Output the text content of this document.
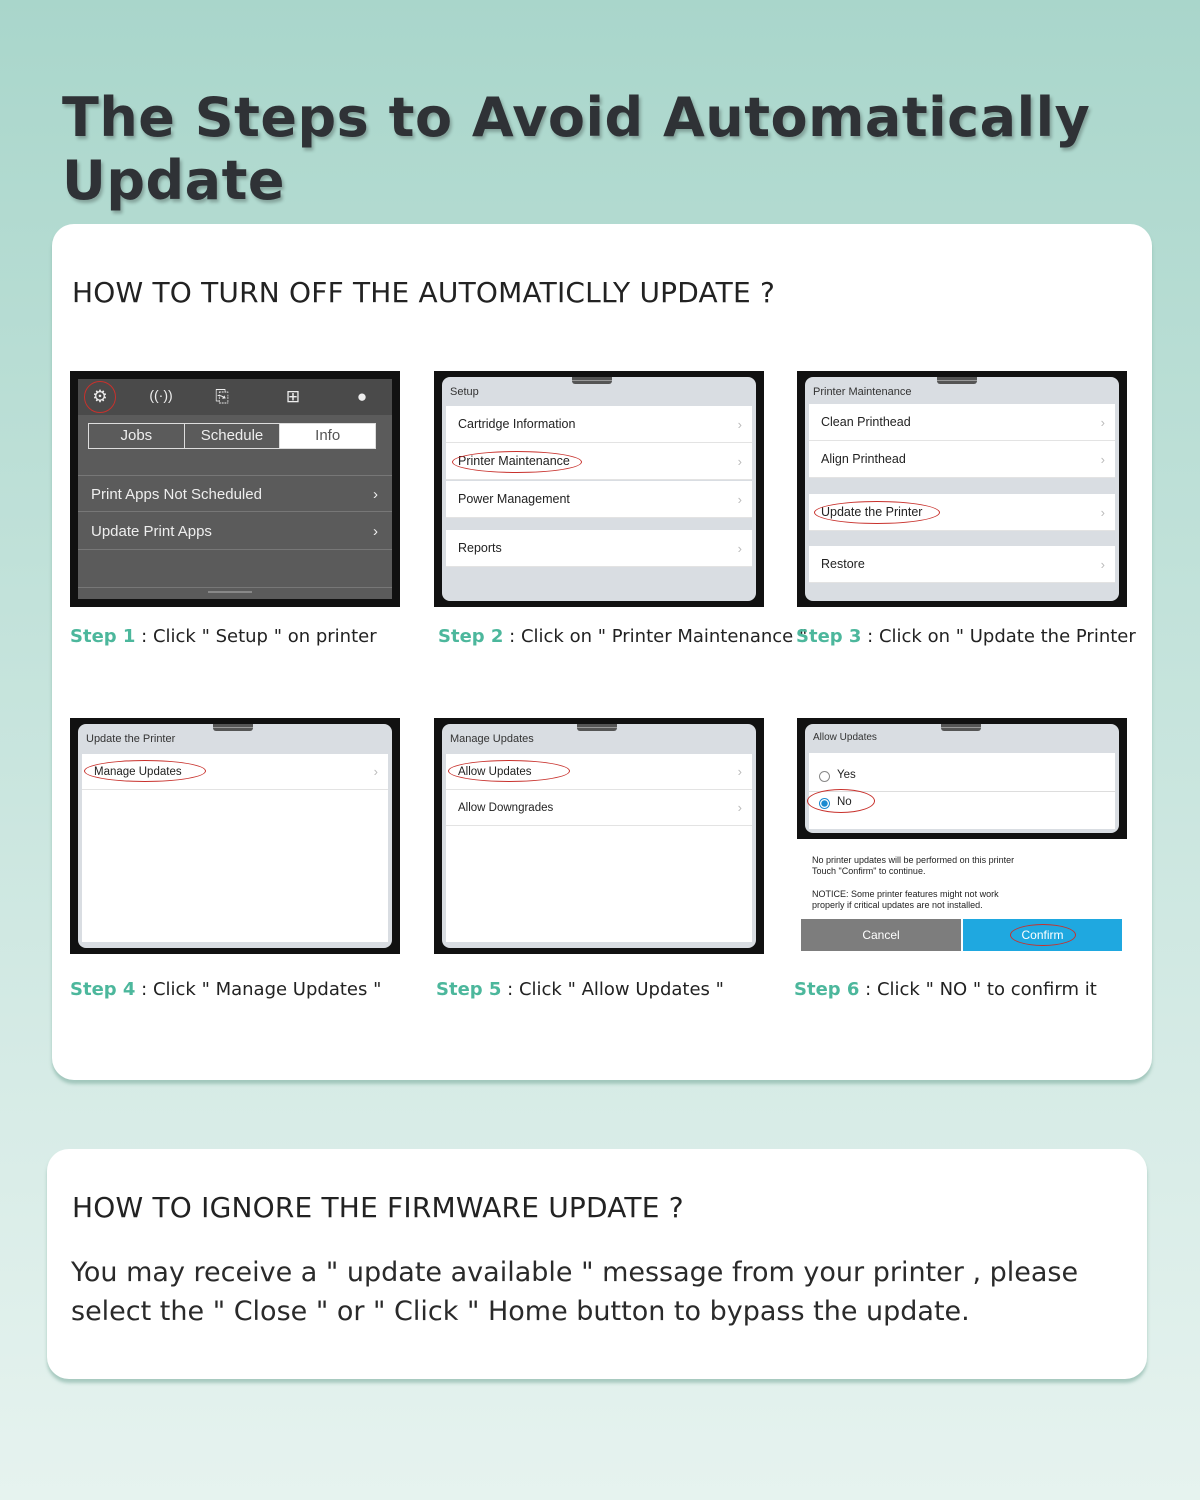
The Steps to Avoid Automatically Update
HOW TO TURN OFF THE AUTOMATICLLY UPDATE ?
⚙	((·))	⎘	⊞	●
Jobs	Schedule	Info
Print Apps Not Scheduled	›
Update Print Apps	›
Step 1 : Click " Setup " on printer
Setup
Cartridge Information	›
Printer Maintenance	›
Power Management	›
Reports	›
Step 2 : Click on " Printer Maintenance "
Printer Maintenance
Clean Printhead	›
Align Printhead	›
Update the Printer	›
Restore	›
Step 3 : Click on " Update the Printer
Update the Printer
Manage Updates	›
Step 4 : Click " Manage Updates "
Manage Updates
Allow Updates	›
Allow Downgrades	›
Step 5 : Click " Allow Updates "
Allow Updates
Yes
No
No printer updates will be performed on this printer
Touch "Confirm" to continue.
NOTICE: Some printer features might not work
properly if critical updates are not installed.
Cancel	Confirm
Step 6 : Click " NO " to confirm it
HOW TO IGNORE THE FIRMWARE UPDATE ?
You may receive a " update available " message from your printer , please select the " Close " or " Click " Home button to bypass the update.
